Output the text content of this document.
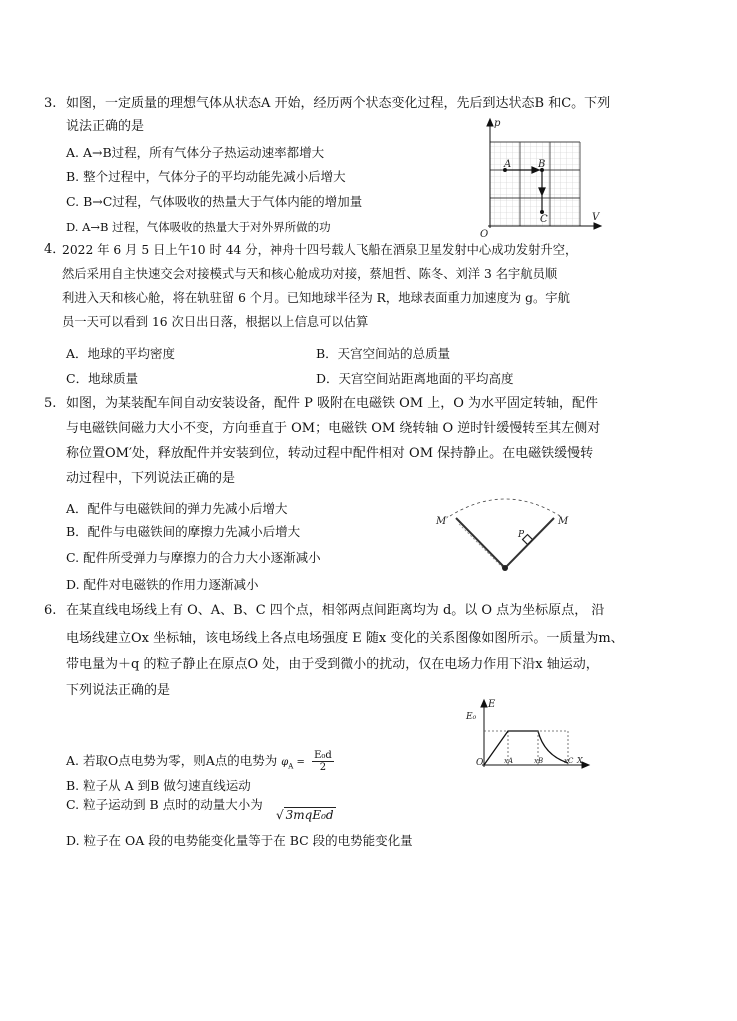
3. 如图，一定质量的理想气体从状态A 开始，经历两个状态变化过程，先后到达状态B 和C。下列
说法正确的是
A. A→B过程，所有气体分子热运动速率都增大
B. 整个过程中，气体分子的平均动能先减小后增大
C. B→C过程，气体吸收的热量大于气体内能的增加量
D. A→B 过程，气体吸收的热量大于对外界所做的功
p
V
O
A	B
C
4．
2022 年 6 月 5 日上午10 时 44 分，神舟十四号载人飞船在酒泉卫星发射中心成功发射升空，
然后采用自主快速交会对接模式与天和核心舱成功对接，蔡旭哲、陈冬、刘洋 3 名宇航员顺
利进入天和核心舱，将在轨驻留 6 个月。已知地球半径为 R，地球表面重力加速度为 g。宇航
员一天可以看到 16 次日出日落，根据以上信息可以估算
A．地球的平均密度	B．天宫空间站的总质量
C．地球质量	D．天宫空间站距离地面的平均高度
5. 如图，为某装配车间自动安装设备，配件 P 吸附在电磁铁 OM 上，O 为水平固定转轴，配件
与电磁铁间磁力大小不变，方向垂直于 OM；电磁铁 OM 绕转轴 O 逆时针缓慢转至其左侧对
称位置OM′处，释放配件并安装到位，转动过程中配件相对 OM 保持静止。在电磁铁缓慢转
动过程中，下列说法正确的是
A．配件与电磁铁间的弹力先减小后增大
B．配件与电磁铁间的摩擦力先减小后增大
C. 配件所受弹力与摩擦力的合力大小逐渐减小
D. 配件对电磁铁的作用力逐渐减小
M′	M
P
6. 在某直线电场线上有 O、A、B、C 四个点，相邻两点间距离均为 d。以 O 点为坐标原点， 沿
电场线建立Ox 坐标轴，该电场线上各点电场强度 E 随x 变化的关系图像如图所示。一质量为m、
带电量为＋q 的粒子静止在原点O 处，由于受到微小的扰动，仅在电场力作用下沿x 轴运动，
下列说法正确的是
A. 若取O点电势为零，则A点的电势为 $\varphi_A = \frac{\text{E₀d}}{2}$
B. 粒子从 A 到B 做匀速直线运动
C. 粒子运动到 B 点时的动量大小为
√ 3mqE₀d
D. 粒子在 OA 段的电势能变化量等于在 BC 段的电势能变化量
E
E₀
O	xA	xB	xC X
